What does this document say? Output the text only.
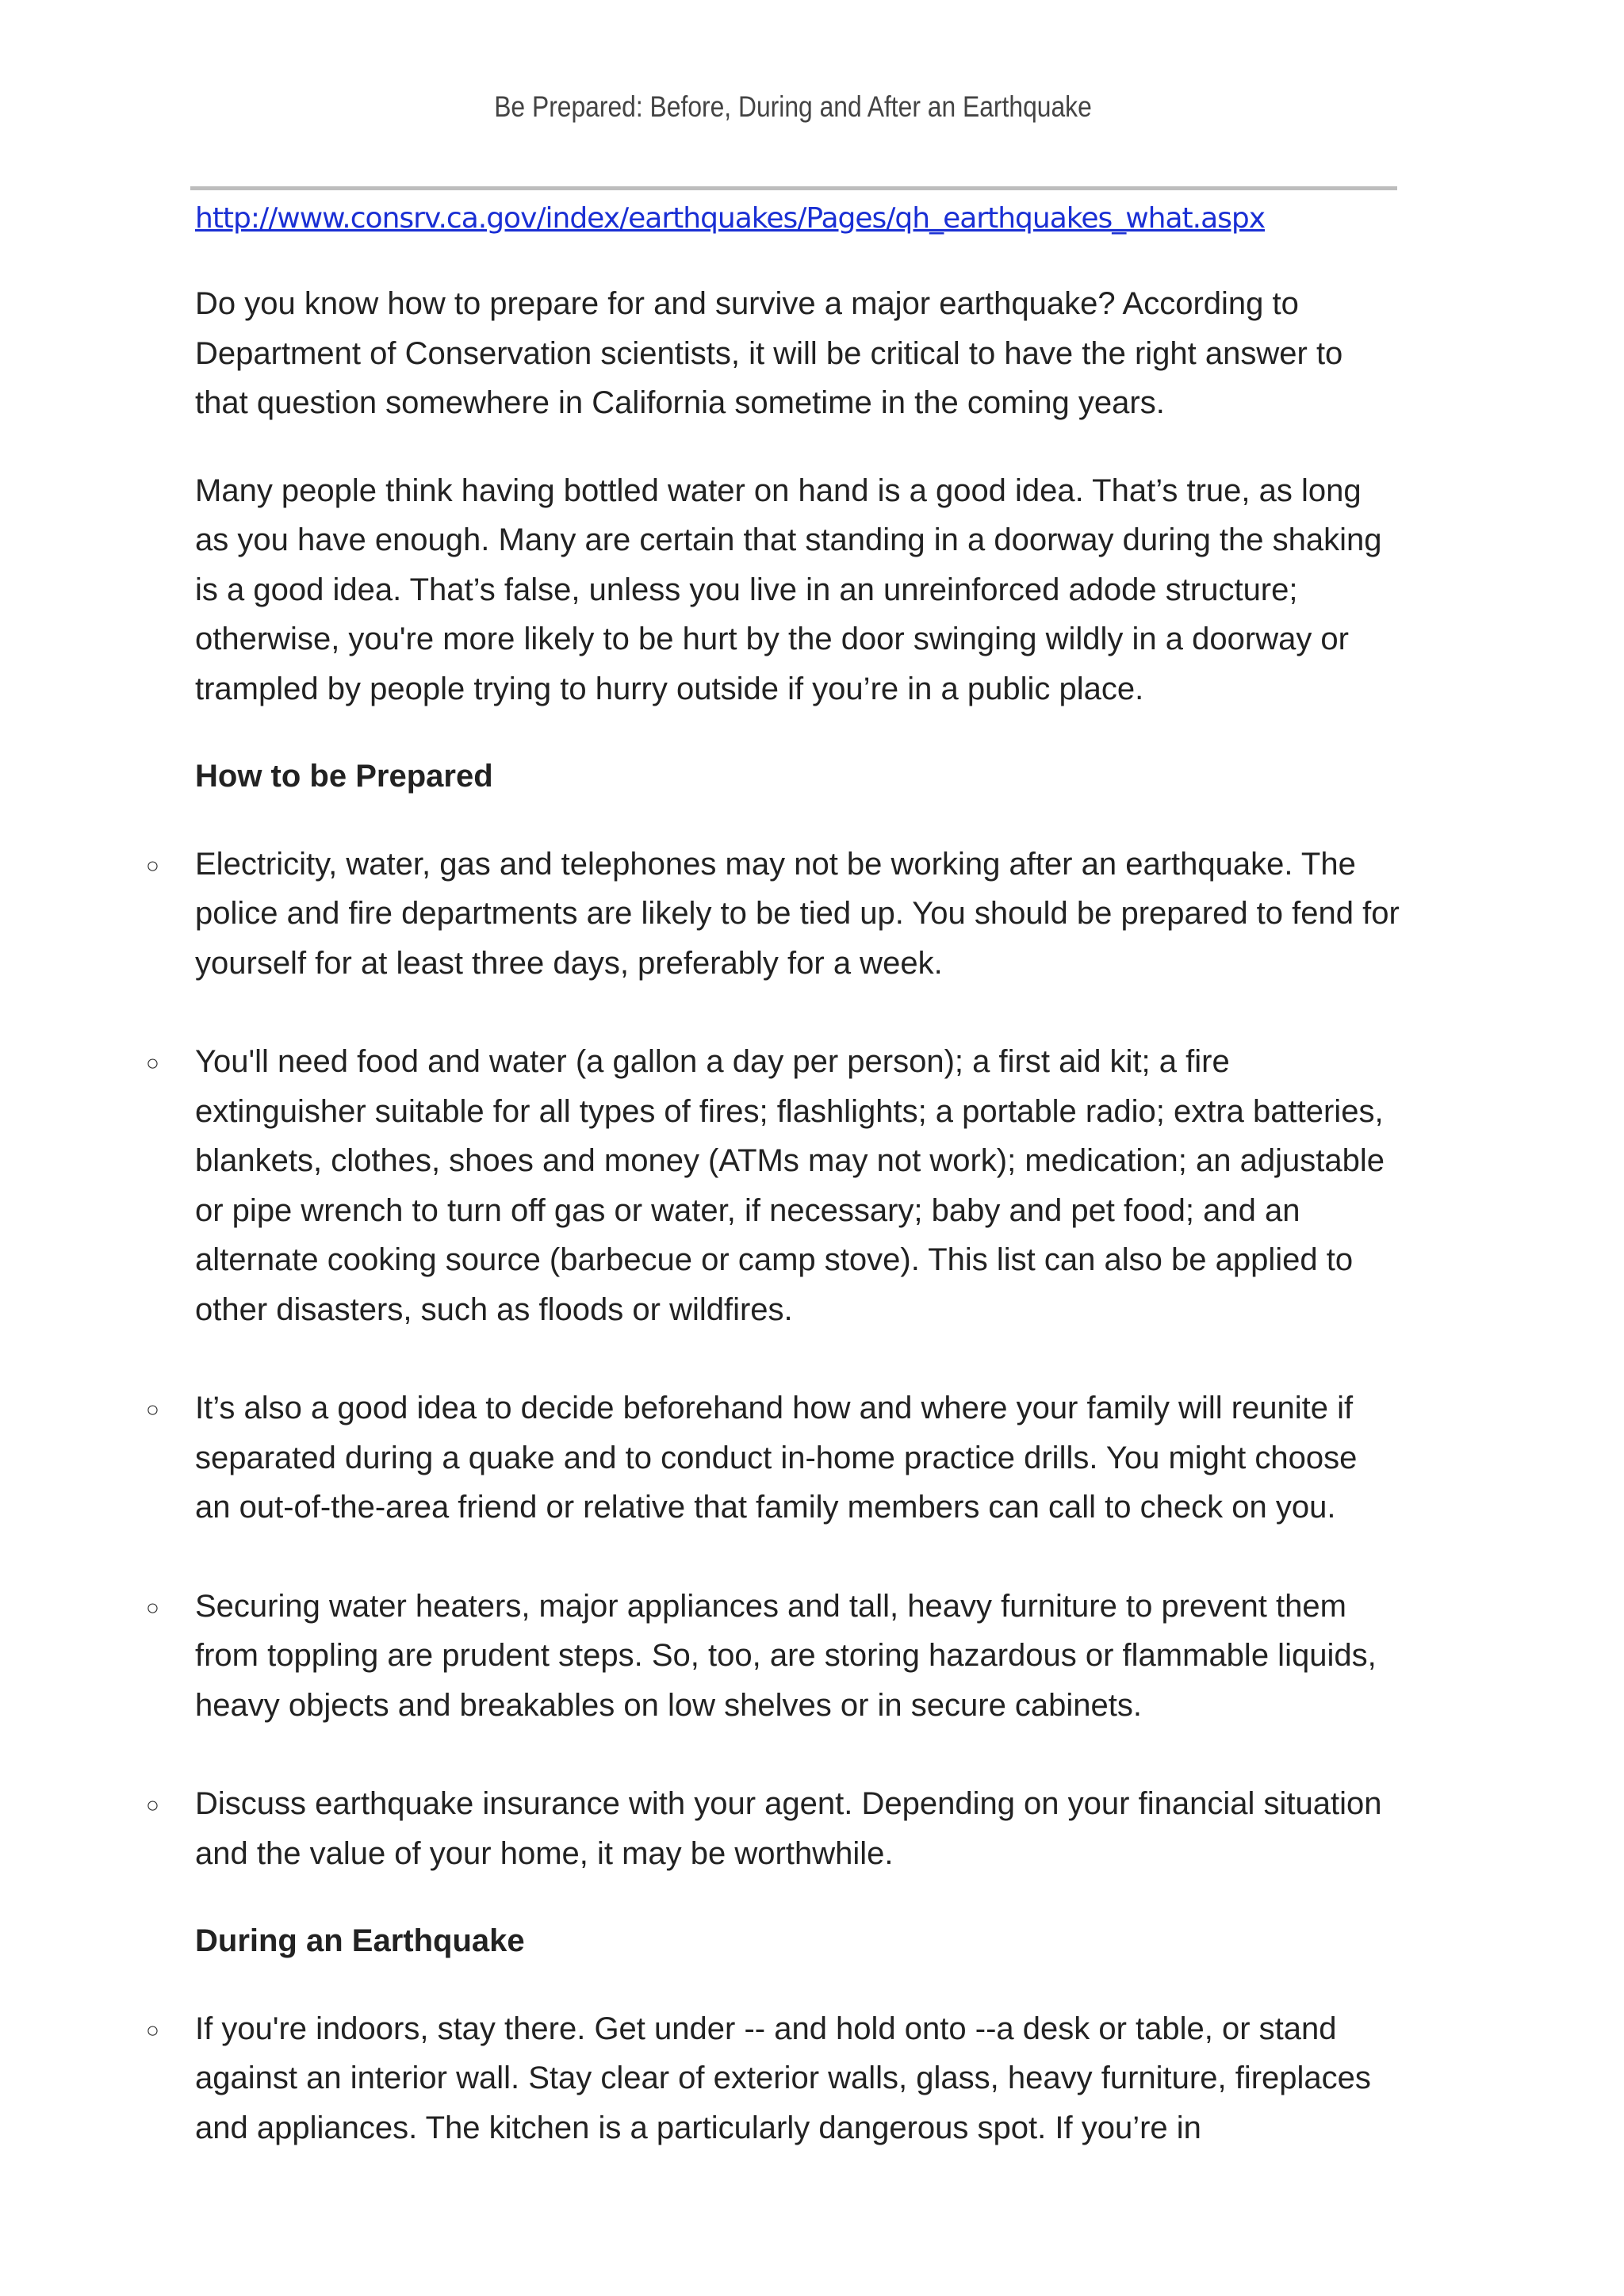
Be Prepared: Before, During and After an Earthquake
http://www.consrv.ca.gov/index/earthquakes/Pages/qh_earthquakes_what.aspx

Do you know how to prepare for and survive a major earthquake? According to Department of Conservation scientists, it will be critical to have the right answer to that question somewhere in California sometime in the coming years.

Many people think having bottled water on hand is a good idea. That’s true, as long as you have enough. Many are certain that standing in a doorway during the shaking is a good idea. That’s false, unless you live in an unreinforced adode structure; otherwise, you're more likely to be hurt by the door swinging wildly in a doorway or trampled by people trying to hurry outside if you’re in a public place.

How to be Prepared
○ Electricity, water, gas and telephones may not be working after an earthquake. The police and fire departments are likely to be tied up. You should be prepared to fend for yourself for at least three days, preferably for a week.
○ You'll need food and water (a gallon a day per person); a first aid kit; a fire extinguisher suitable for all types of fires; flashlights; a portable radio; extra batteries, blankets, clothes, shoes and money (ATMs may not work); medication; an adjustable or pipe wrench to turn off gas or water, if necessary; baby and pet food; and an alternate cooking source (barbecue or camp stove). This list can also be applied to other disasters, such as floods or wildfires.
○ It’s also a good idea to decide beforehand how and where your family will reunite if separated during a quake and to conduct in-home practice drills. You might choose an out-of-the-area friend or relative that family members can call to check on you.
○ Securing water heaters, major appliances and tall, heavy furniture to prevent them from toppling are prudent steps. So, too, are storing hazardous or flammable liquids, heavy objects and breakables on low shelves or in secure cabinets.
○ Discuss earthquake insurance with your agent. Depending on your financial situation and the value of your home, it may be worthwhile.
During an Earthquake
○ If you're indoors, stay there. Get under -- and hold onto --a desk or table, or stand against an interior wall. Stay clear of exterior walls, glass, heavy furniture, fireplaces and appliances. The kitchen is a particularly dangerous spot. If you’re in
